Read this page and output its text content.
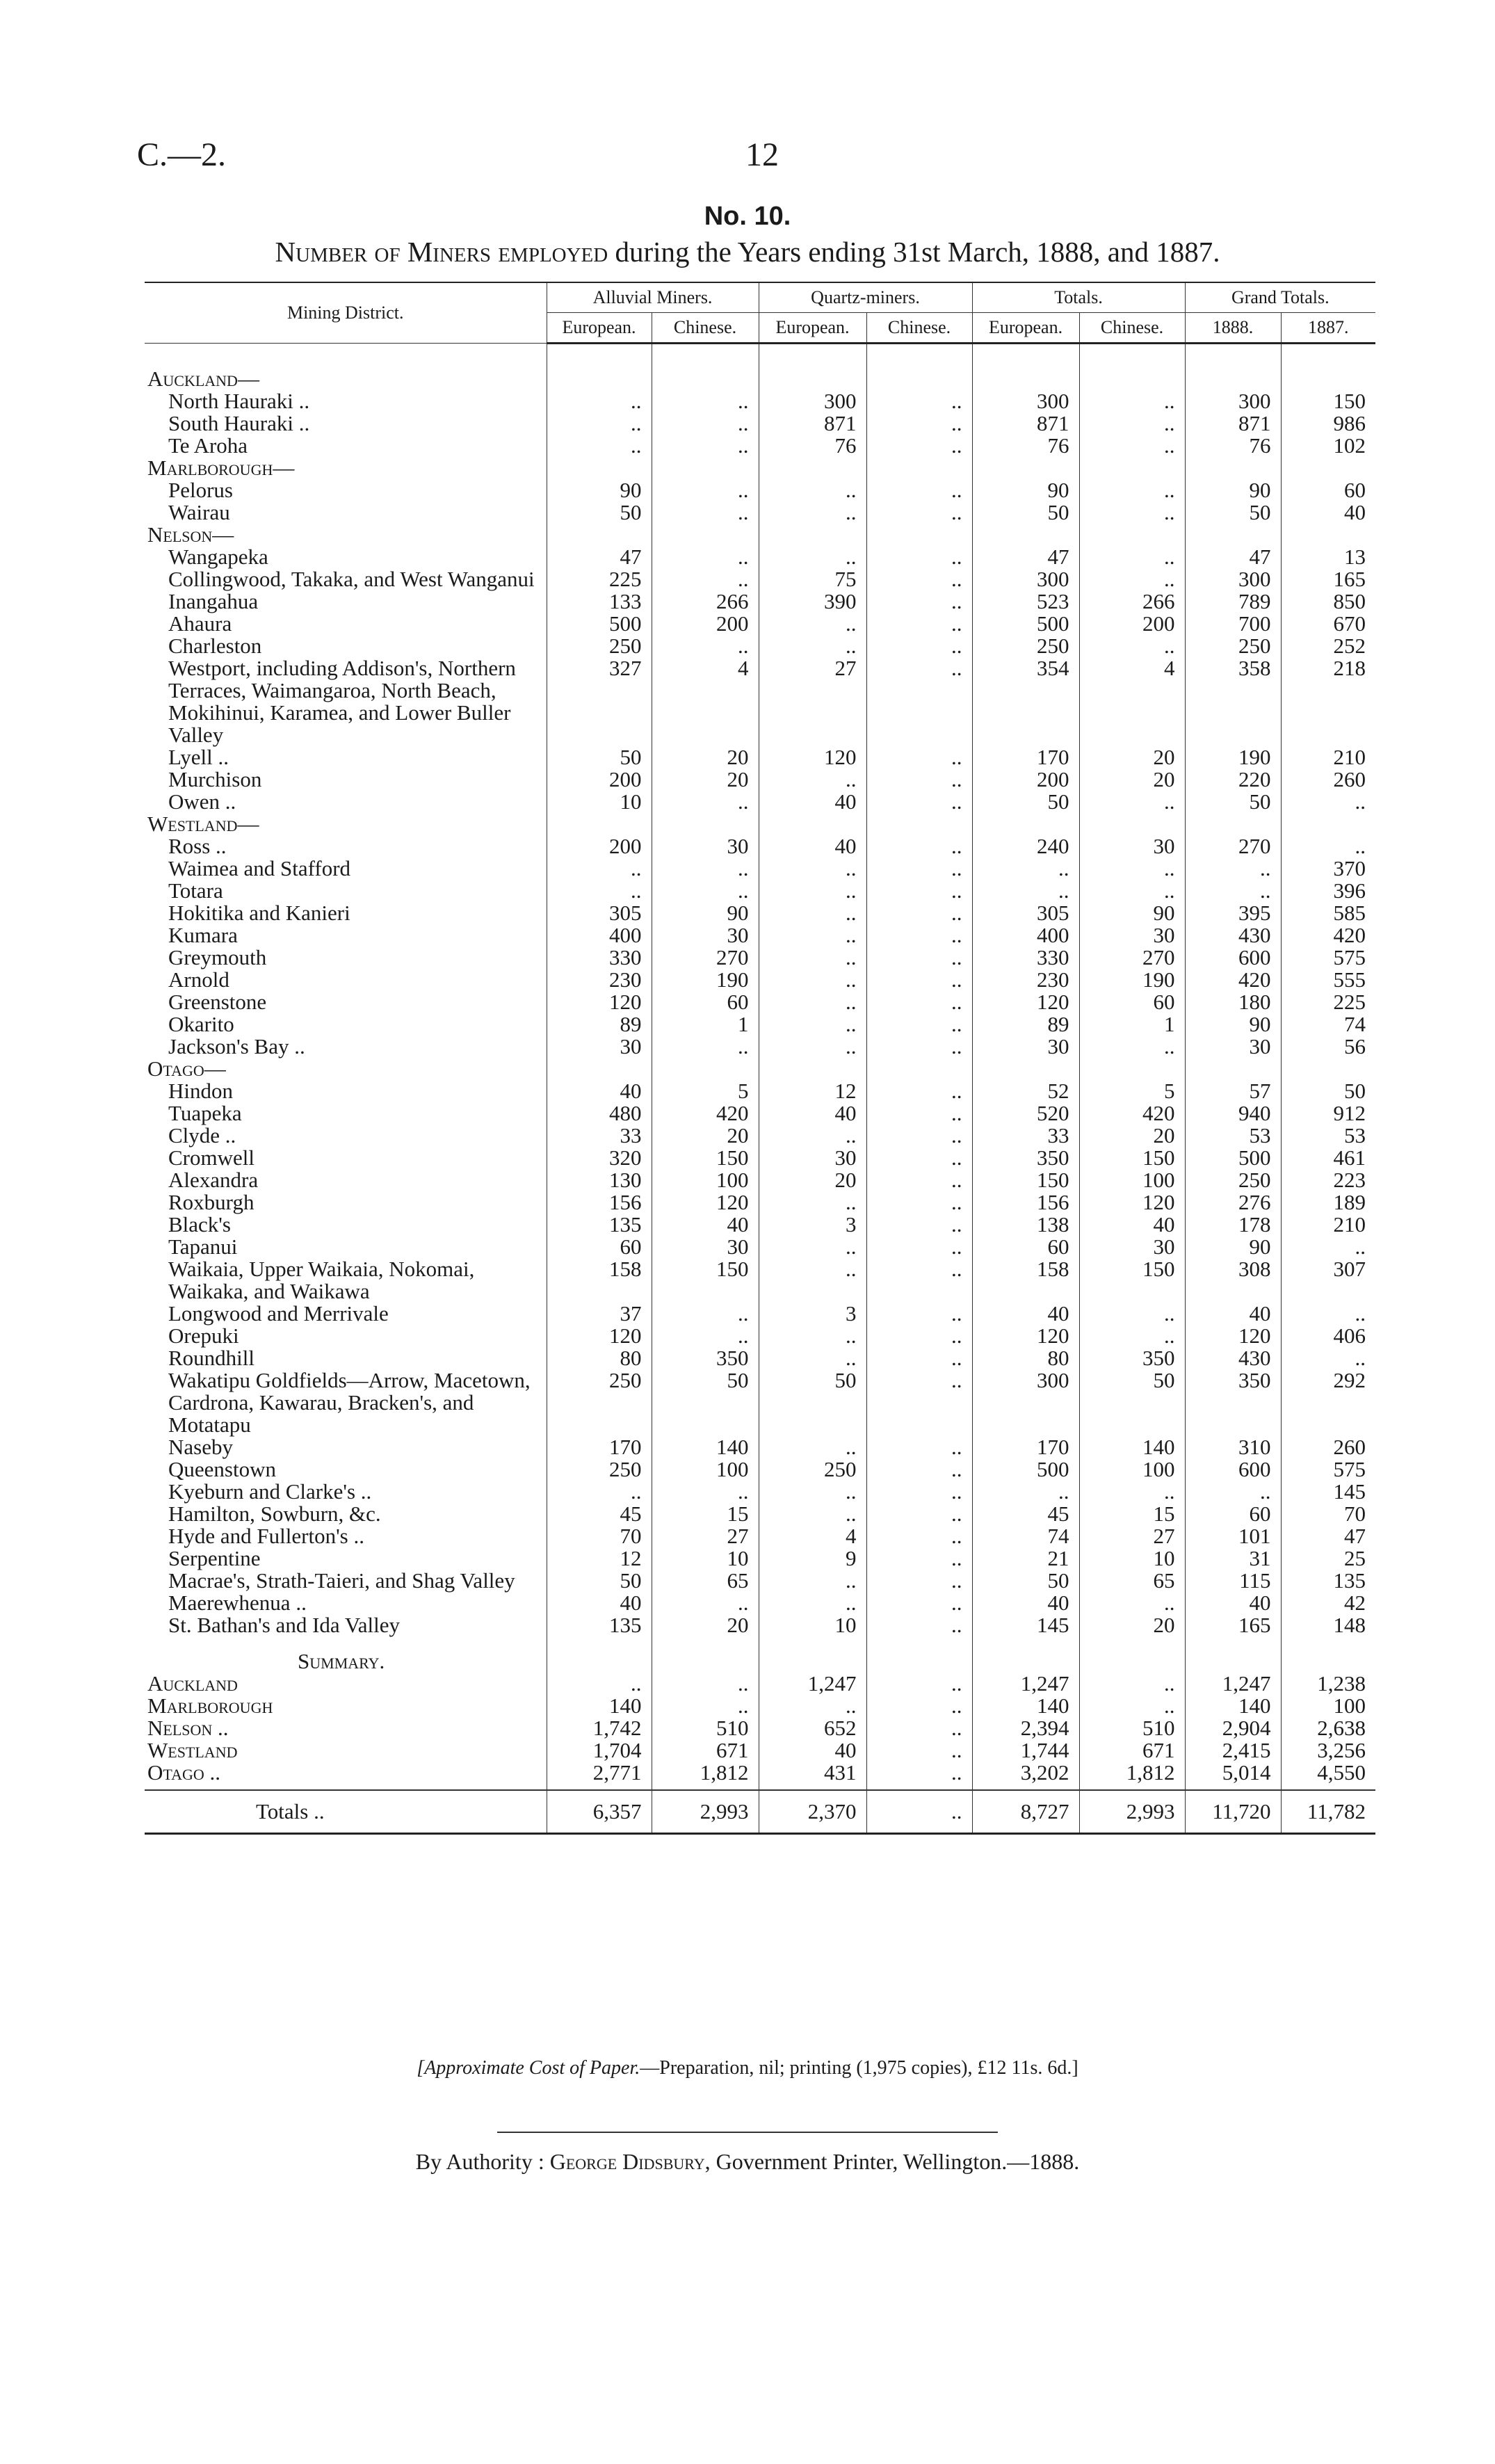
C.—2.	12
No. 10.
Number of Miners employed during the Years ending 31st March, 1888, and 1887.
Mining District.	Alluvial Miners.		Quartz-miners.		Totals.		Grand Totals.	
	European.	Chinese.	European.	Chinese.	European.	Chinese.	1888.	1887.

Auckland—								
North Hauraki ..	..	..	300	..	300	..	300	150
South Hauraki ..	..	..	871	..	871	..	871	986
Te Aroha	..	..	76	..	76	..	76	102
Marlborough—								
Pelorus	90	..	..	..	90	..	90	60
Wairau	50	..	..	..	50	..	50	40
Nelson—								
Wangapeka	47	..	..	..	47	..	47	13
Collingwood, Takaka, and West Wanganui	225	..	75	..	300	..	300	165
Inangahua	133	266	390	..	523	266	789	850
Ahaura	500	200	..	..	500	200	700	670
Charleston	250	..	..	..	250	..	250	252
Westport, including Addison's, Northern Terraces, Waimangaroa, North Beach, Mokihinui, Karamea, and Lower Buller Valley	327	4	27	..	354	4	358	218
Lyell ..	50	20	120	..	170	20	190	210
Murchison	200	20	..	..	200	20	220	260
Owen ..	10	..	40	..	50	..	50	..
Westland—								
Ross ..	200	30	40	..	240	30	270	..
Waimea and Stafford	..	..	..	..	..	..	..	370
Totara	..	..	..	..	..	..	..	396
Hokitika and Kanieri	305	90	..	..	305	90	395	585
Kumara	400	30	..	..	400	30	430	420
Greymouth	330	270	..	..	330	270	600	575
Arnold	230	190	..	..	230	190	420	555
Greenstone	120	60	..	..	120	60	180	225
Okarito	89	1	..	..	89	1	90	74
Jackson's Bay ..	30	..	..	..	30	..	30	56
Otago—								
Hindon	40	5	12	..	52	5	57	50
Tuapeka	480	420	40	..	520	420	940	912
Clyde ..	33	20	..	..	33	20	53	53
Cromwell	320	150	30	..	350	150	500	461
Alexandra	130	100	20	..	150	100	250	223
Roxburgh	156	120	..	..	156	120	276	189
Black's	135	40	3	..	138	40	178	210
Tapanui	60	30	..	..	60	30	90	..
Waikaia, Upper Waikaia, Nokomai, Waikaka, and Waikawa	158	150	..	..	158	150	308	307
Longwood and Merrivale	37	..	3	..	40	..	40	..
Orepuki	120	..	..	..	120	..	120	406
Roundhill	80	350	..	..	80	350	430	..
Wakatipu Goldfields—Arrow, Macetown, Cardrona, Kawarau, Bracken's, and Motatapu	250	50	50	..	300	50	350	292
Naseby	170	140	..	..	170	140	310	260
Queenstown	250	100	250	..	500	100	600	575
Kyeburn and Clarke's ..	..	..	..	..	..	..	..	145
Hamilton, Sowburn, &c.	45	15	..	..	45	15	60	70
Hyde and Fullerton's ..	70	27	4	..	74	27	101	47
Serpentine	12	10	9	..	21	10	31	25
Macrae's, Strath-Taieri, and Shag Valley	50	65	..	..	50	65	115	135
Maerewhenua ..	40	..	..	..	40	..	40	42
St. Bathan's and Ida Valley	135	20	10	..	145	20	165	148
Summary.								
Auckland	..	..	1,247	..	1,247	..	1,247	1,238
Marlborough	140	..	..	..	140	..	140	100
Nelson ..	1,742	510	652	..	2,394	510	2,904	2,638
Westland	1,704	671	40	..	1,744	671	2,415	3,256
Otago ..	2,771	1,812	431	..	3,202	1,812	5,014	4,550

Totals ..	6,357	2,993	2,370	..	8,727	2,993	11,720	11,782
[Approximate Cost of Paper.—Preparation, nil; printing (1,975 copies), £12 11s. 6d.]
By Authority : George Didsbury, Government Printer, Wellington.—1888.
